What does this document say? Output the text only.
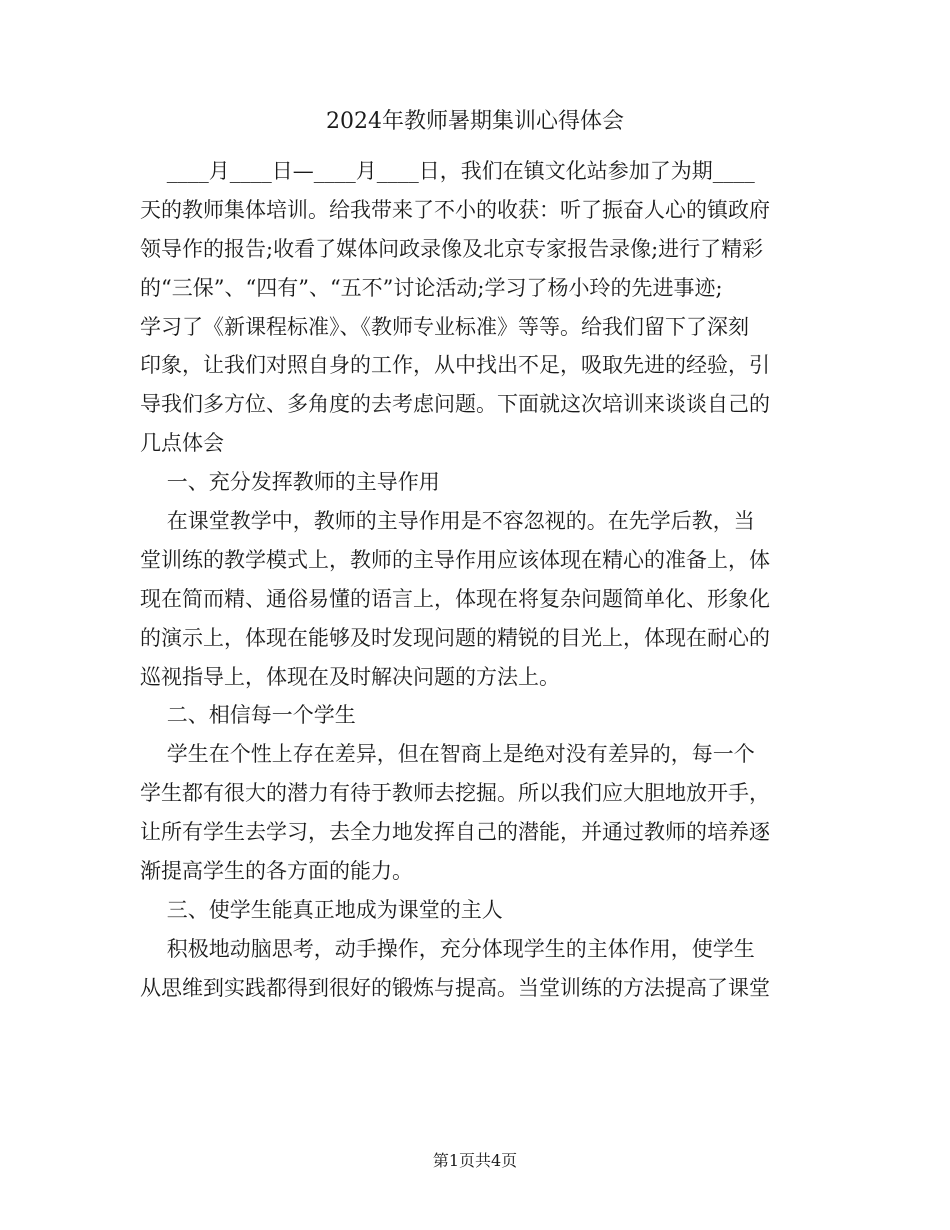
2024年教师暑期集训心得体会
____月____日—____月____日，我们在镇文化站参加了为期____
天的教师集体培训。给我带来了不小的收获：听了振奋人心的镇政府
领导作的报告;收看了媒体问政录像及北京专家报告录像;进行了精彩
的“三保”、“四有”、“五不”讨论活动;学习了杨小玲的先进事迹;
学习了《新课程标准》、《教师专业标准》等等。给我们留下了深刻
印象，让我们对照自身的工作，从中找出不足，吸取先进的经验，引
导我们多方位、多角度的去考虑问题。下面就这次培训来谈谈自己的
几点体会
一、充分发挥教师的主导作用
在课堂教学中，教师的主导作用是不容忽视的。在先学后教，当
堂训练的教学模式上，教师的主导作用应该体现在精心的准备上，体
现在简而精、通俗易懂的语言上，体现在将复杂问题简单化、形象化
的演示上，体现在能够及时发现问题的精锐的目光上，体现在耐心的
巡视指导上，体现在及时解决问题的方法上。
二、相信每一个学生
学生在个性上存在差异，但在智商上是绝对没有差异的，每一个
学生都有很大的潜力有待于教师去挖掘。所以我们应大胆地放开手，
让所有学生去学习，去全力地发挥自己的潜能，并通过教师的培养逐
渐提高学生的各方面的能力。
三、使学生能真正地成为课堂的主人
积极地动脑思考，动手操作，充分体现学生的主体作用，使学生
从思维到实践都得到很好的锻炼与提高。当堂训练的方法提高了课堂
第1页共4页
